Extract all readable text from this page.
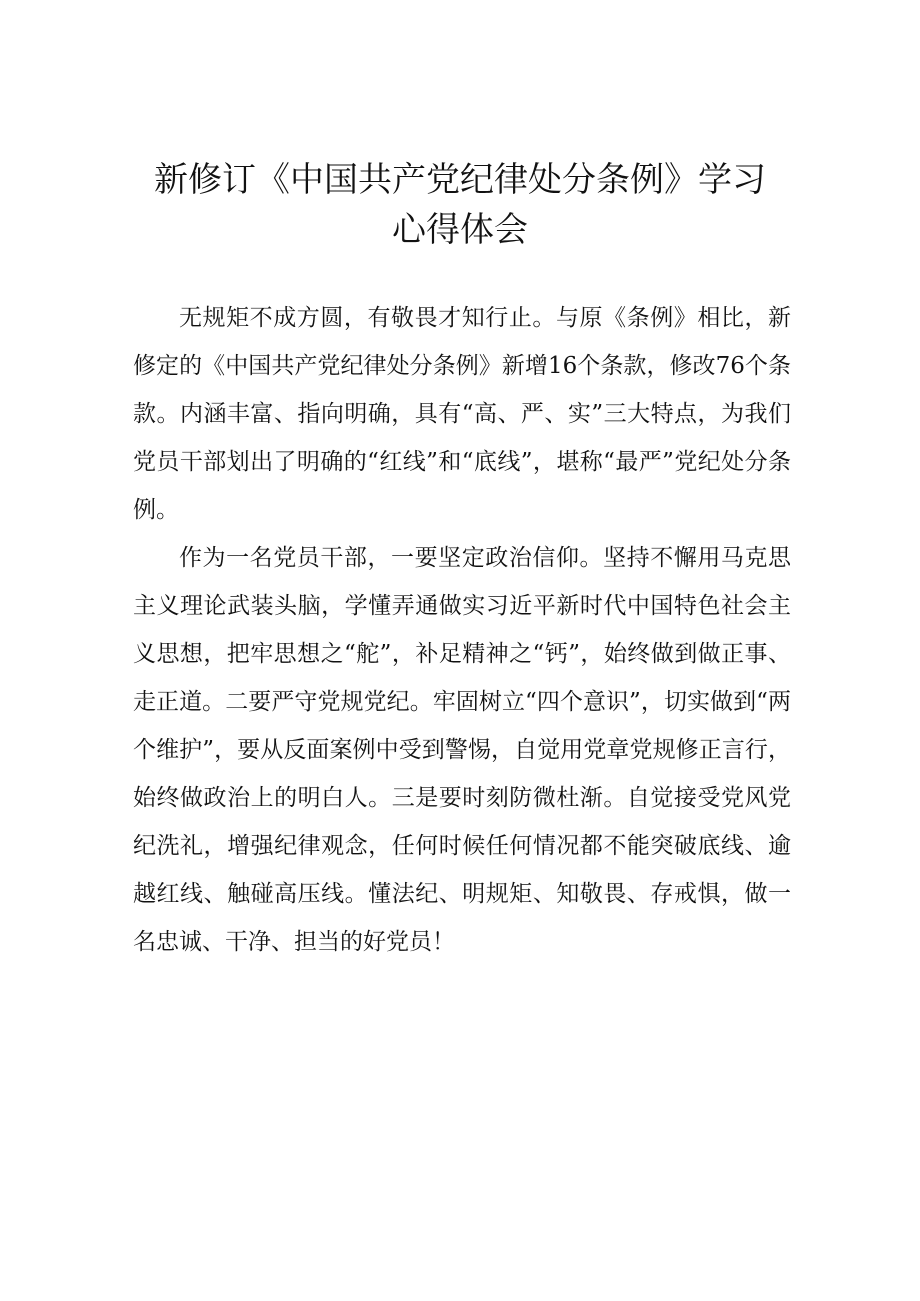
新修订《中国共产党纪律处分条例》学习
心得体会

无规矩不成方圆，有敬畏才知行止。与原《条例》相比，新修定的《中国共产党纪律处分条例》新增16个条款，修改76个条款。内涵丰富、指向明确，具有“高、严、实”三大特点，为我们党员干部划出了明确的“红线”和“底线”，堪称“最严”党纪处分条例。

作为一名党员干部，一要坚定政治信仰。坚持不懈用马克思主义理论武装头脑，学懂弄通做实习近平新时代中国特色社会主义思想，把牢思想之“舵”，补足精神之“钙”，始终做到做正事、走正道。二要严守党规党纪。牢固树立“四个意识”，切实做到“两个维护”，要从反面案例中受到警惕，自觉用党章党规修正言行，始终做政治上的明白人。三是要时刻防微杜渐。自觉接受党风党纪洗礼，增强纪律观念，任何时候任何情况都不能突破底线、逾越红线、触碰高压线。懂法纪、明规矩、知敬畏、存戒惧，做一名忠诚、干净、担当的好党员！
